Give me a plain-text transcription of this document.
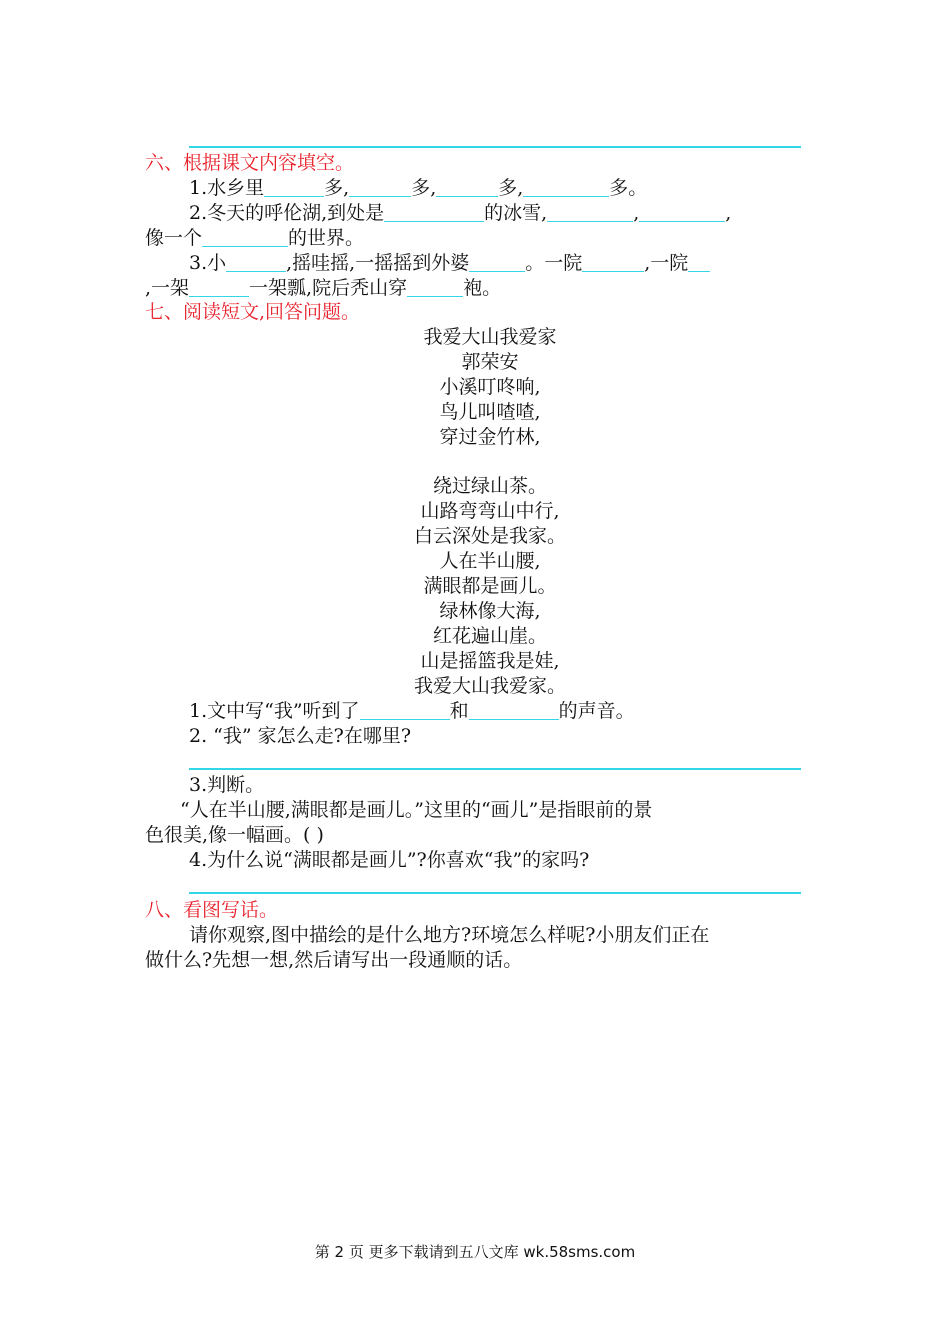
六、根据课文内容填空。
1.水乡里	多,	多,	多,	多。
2.冬天的呼伦湖,到处是	的冰雪,	,	,
像一个	的世界。
3.小	,摇哇摇,一摇摇到外婆	。一院	,一院
,一架	一架瓢,院后秃山穿	袍。
七、阅读短文,回答问题。
我爱大山我爱家
郭荣安
小溪叮咚响,
鸟儿叫喳喳,
穿过金竹林,
绕过绿山茶。
山路弯弯山中行,
白云深处是我家。
人在半山腰,
满眼都是画儿。
绿林像大海,
红花遍山崖。
山是摇篮我是娃,
我爱大山我爱家。
1.文中写“我”听到了	和	的声音。
2. “我” 家怎么走?在哪里?
3.判断。
“人在半山腰,满眼都是画儿。”这里的“画儿”是指眼前的景
色很美,像一幅画。( )
4.为什么说“满眼都是画儿”?你喜欢“我”的家吗?
八、看图写话。
请你观察,图中描绘的是什么地方?环境怎么样呢?小朋友们正在
做什么?先想一想,然后请写出一段通顺的话。
第 2 页 更多下载请到五八文库 wk.58sms.com
